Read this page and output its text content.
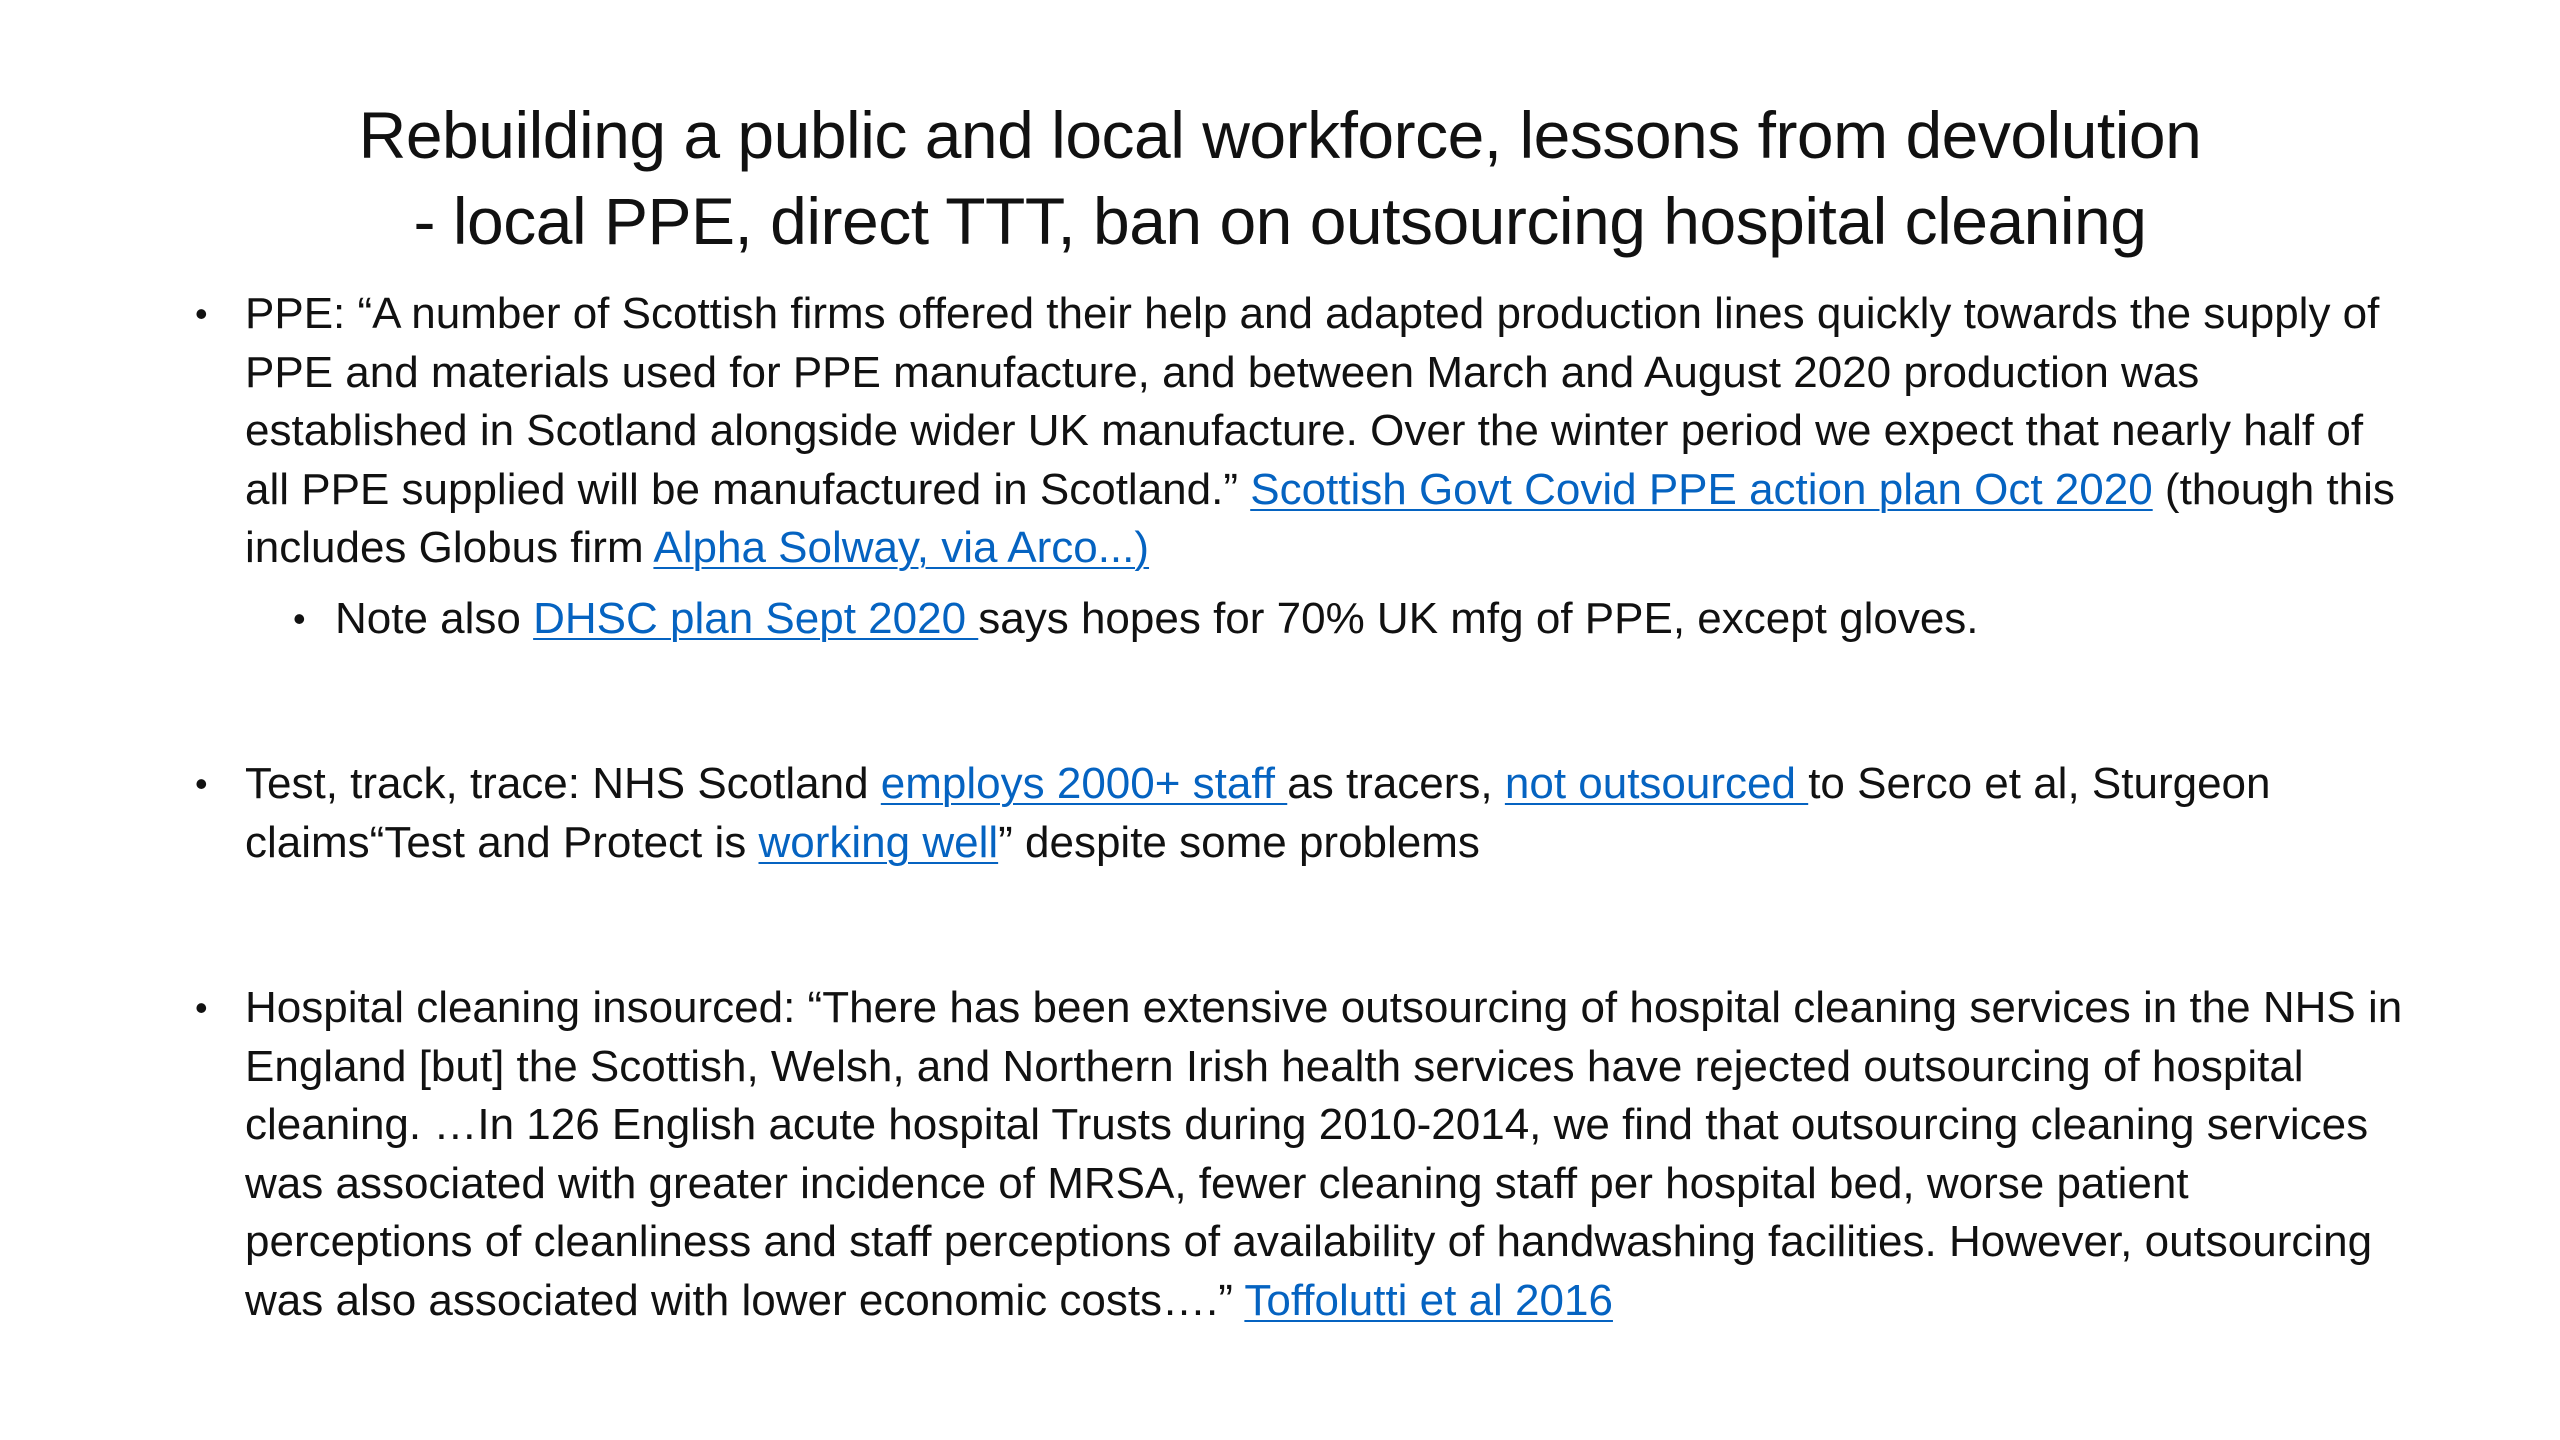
Rebuilding a public and local workforce, lessons from devolution
- local PPE, direct TTT, ban on outsourcing hospital cleaning
• PPE: “A number of Scottish firms offered their help and adapted production lines quickly towards the supply of PPE and materials used for PPE manufacture, and between March and August 2020 production was established in Scotland alongside wider UK manufacture. Over the winter period we expect that nearly half of all PPE supplied will be manufactured in Scotland.” Scottish Govt Covid PPE action plan Oct 2020 (though this includes Globus firm Alpha Solway, via Arco...)
• Note also DHSC plan Sept 2020 says hopes for 70% UK mfg of PPE, except gloves.
• Test, track, trace: NHS Scotland employs 2000+ staff as tracers, not outsourced to Serco et al, Sturgeon claims“Test and Protect is working well” despite some problems
• Hospital cleaning insourced: “There has been extensive outsourcing of hospital cleaning services in the NHS in England [but] the Scottish, Welsh, and Northern Irish health services have rejected outsourcing of hospital cleaning. …In 126 English acute hospital Trusts during 2010-2014, we find that outsourcing cleaning services was associated with greater incidence of MRSA, fewer cleaning staff per hospital bed, worse patient perceptions of cleanliness and staff perceptions of availability of handwashing facilities. However, outsourcing was also associated with lower economic costs….” Toffolutti et al 2016
